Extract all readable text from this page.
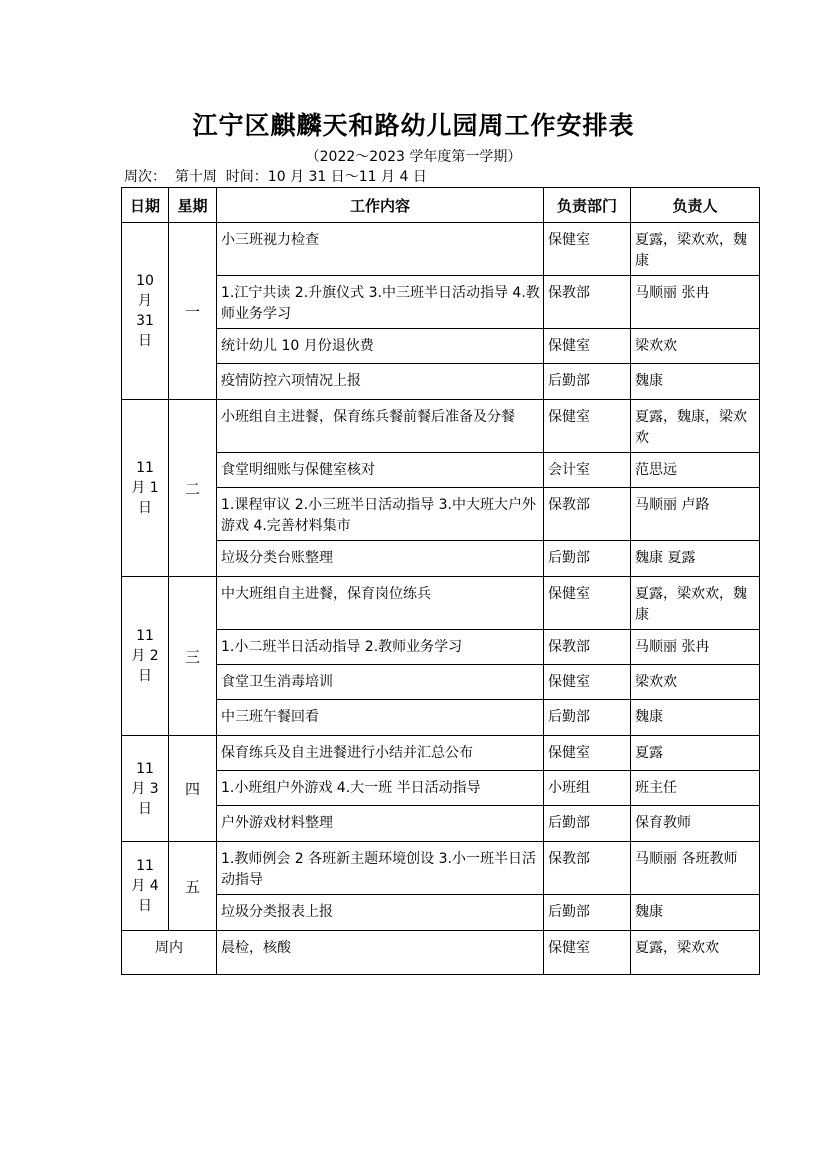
江宁区麒麟天和路幼儿园周工作安排表
（2022～2023 学年度第一学期）
周次：  第十周  时间：10 月 31 日～11 月 4 日
日期	星期	工作内容	负责部门	负责人
10 月 31 日	一	小三班视力检查	保健室	夏露，梁欢欢，魏康
		1.江宁共读 2.升旗仪式 3.中三班半日活动指导 4.教师业务学习	保教部	马顺丽 张冉
		统计幼儿 10 月份退伙费	保健室	梁欢欢
		疫情防控六项情况上报	后勤部	魏康
11 月 1 日	二	小班组自主进餐，保育练兵餐前餐后准备及分餐	保健室	夏露，魏康，梁欢欢
		食堂明细账与保健室核对	会计室	范思远
		1.课程审议 2.小三班半日活动指导 3.中大班大户外游戏 4.完善材料集市	保教部	马顺丽 卢路
		垃圾分类台账整理	后勤部	魏康 夏露
11 月 2 日	三	中大班组自主进餐，保育岗位练兵	保健室	夏露，梁欢欢，魏康
		1.小二班半日活动指导 2.教师业务学习	保教部	马顺丽 张冉
		食堂卫生消毒培训	保健室	梁欢欢
		中三班午餐回看	后勤部	魏康
11 月 3 日	四	保育练兵及自主进餐进行小结并汇总公布	保健室	夏露
		1.小班组户外游戏 4.大一班 半日活动指导	小班组	班主任
		户外游戏材料整理	后勤部	保育教师
11 月 4 日	五	1.教师例会 2 各班新主题环境创设 3.小一班半日活动指导	保教部	马顺丽 各班教师
		垃圾分类报表上报	后勤部	魏康
周内		晨检，核酸	保健室	夏露，梁欢欢
